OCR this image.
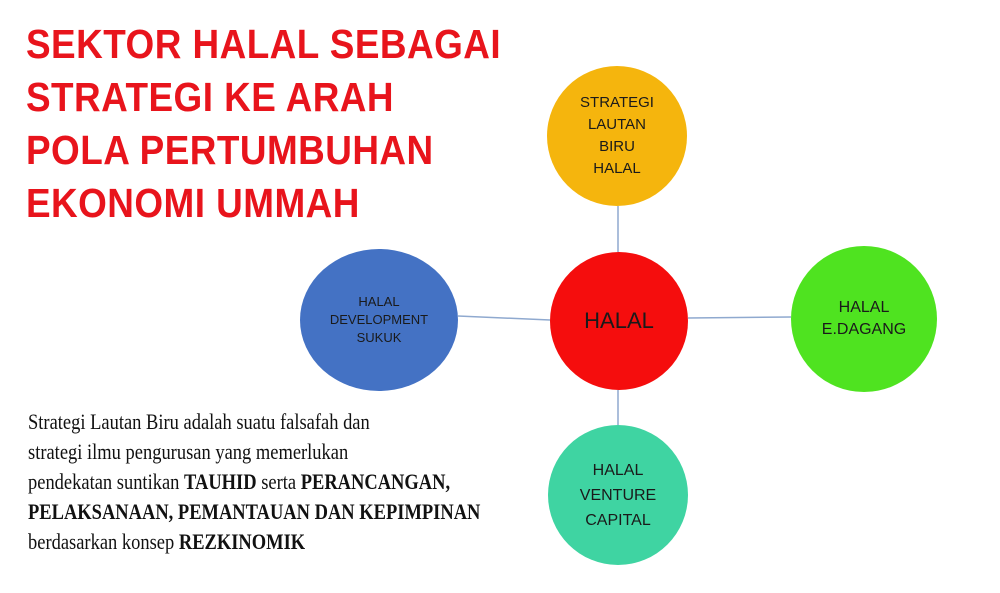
SEKTOR HALAL SEBAGAI
STRATEGI KE ARAH
POLA PERTUMBUHAN
EKONOMI UMMAH
STRATEGI
LAUTAN
BIRU
HALAL
HALAL
DEVELOPMENT
SUKUK
HALAL
HALAL
E.DAGANG
HALAL
VENTURE
CAPITAL
Strategi Lautan Biru adalah suatu falsafah dan
strategi ilmu pengurusan yang memerlukan
pendekatan suntikan TAUHID serta PERANCANGAN,
PELAKSANAAN, PEMANTAUAN DAN KEPIMPINAN
berdasarkan konsep REZKINOMIK
